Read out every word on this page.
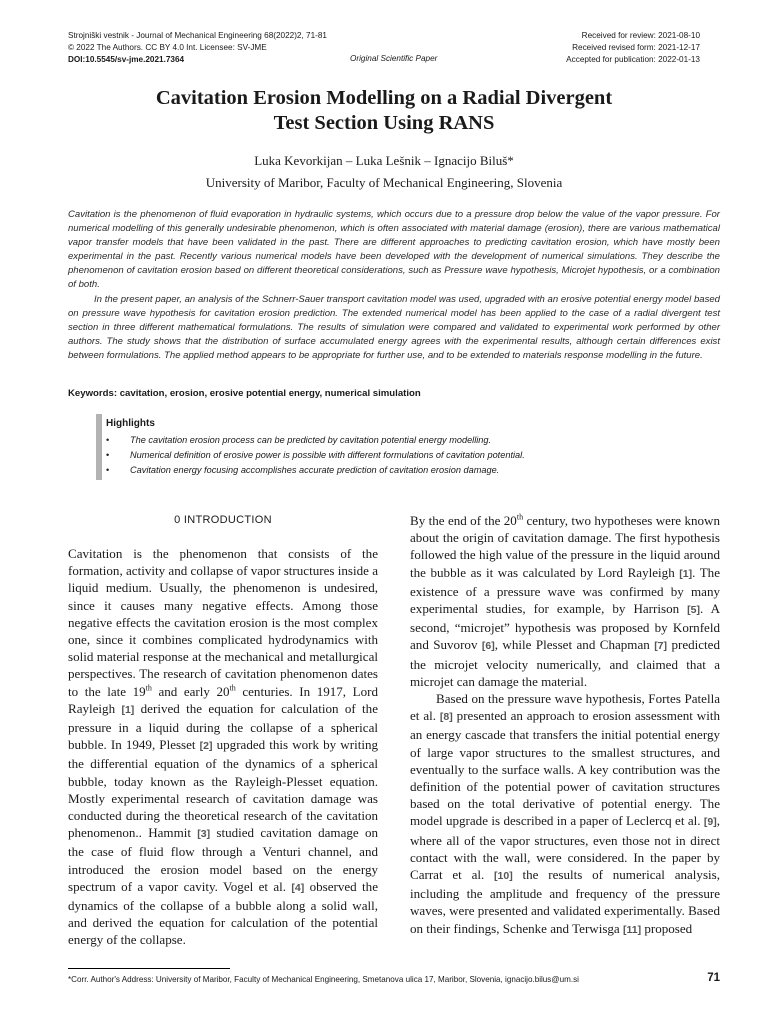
Strojniški vestnik - Journal of Mechanical Engineering 68(2022)2, 71-81
© 2022 The Authors. CC BY 4.0 Int. Licensee: SV-JME
DOI:10.5545/sv-jme.2021.7364	Original Scientific Paper
Received for review: 2021-08-10
Received revised form: 2021-12-17
Accepted for publication: 2022-01-13
Cavitation Erosion Modelling on a Radial Divergent
Test Section Using RANS
Luka Kevorkijan – Luka Lešnik – Ignacijo Biluš*
University of Maribor, Faculty of Mechanical Engineering, Slovenia

Cavitation is the phenomenon of fluid evaporation in hydraulic systems, which occurs due to a pressure drop below the value of the vapor pressure. For numerical modelling of this generally undesirable phenomenon, which is often associated with material damage (erosion), there are various mathematical vapor transfer models that have been validated in the past. There are different approaches to predicting cavitation erosion, which have mostly been experimental in the past. Recently various numerical models have been developed with the development of numerical simulations. They describe the phenomenon of cavitation erosion based on different theoretical considerations, such as Pressure wave hypothesis, Microjet hypothesis, or a combination of both.

In the present paper, an analysis of the Schnerr-Sauer transport cavitation model was used, upgraded with an erosive potential energy model based on pressure wave hypothesis for cavitation erosion prediction. The extended numerical model has been applied to the case of a radial divergent test section in three different mathematical formulations. The results of simulation were compared and validated to experimental work performed by other authors. The study shows that the distribution of surface accumulated energy agrees with the experimental results, although certain differences exist between formulations. The applied method appears to be appropriate for further use, and to be extended to materials response modelling in the future.

Keywords: cavitation, erosion, erosive potential energy, numerical simulation
Highlights
• The cavitation erosion process can be predicted by cavitation potential energy modelling.
• Numerical definition of erosive power is possible with different formulations of cavitation potential.
• Cavitation energy focusing accomplishes accurate prediction of cavitation erosion damage.
0 INTRODUCTION

Cavitation is the phenomenon that consists of the formation, activity and collapse of vapor structures inside a liquid medium. Usually, the phenomenon is undesired, since it causes many negative effects. Among those negative effects the cavitation erosion is the most complex one, since it combines complicated hydrodynamics with solid material response at the mechanical and metallurgical perspectives. The research of cavitation phenomenon dates to the late 19th and early 20th centuries. In 1917, Lord Rayleigh [1] derived the equation for calculation of the pressure in a liquid during the collapse of a spherical bubble. In 1949, Plesset [2] upgraded this work by writing the differential equation of the dynamics of a spherical bubble, today known as the Rayleigh-Plesset equation. Mostly experimental research of cavitation damage was conducted during the theoretical research of the cavitation phenomenon.. Hammit [3] studied cavitation damage on the case of fluid flow through a Venturi channel, and introduced the erosion model based on the energy spectrum of a vapor cavity. Vogel et al. [4] observed the dynamics of the collapse of a bubble along a solid wall, and derived the equation for calculation of the potential energy of the collapse.

By the end of the 20th century, two hypotheses were known about the origin of cavitation damage. The first hypothesis followed the high value of the pressure in the liquid around the bubble as it was calculated by Lord Rayleigh [1]. The existence of a pressure wave was confirmed by many experimental studies, for example, by Harrison [5]. A second, “microjet” hypothesis was proposed by Kornfeld and Suvorov [6], while Plesset and Chapman [7] predicted the microjet velocity numerically, and claimed that a microjet can damage the material.

Based on the pressure wave hypothesis, Fortes Patella et al. [8] presented an approach to erosion assessment with an energy cascade that transfers the initial potential energy of large vapor structures to the smallest structures, and eventually to the surface walls. A key contribution was the definition of the potential power of cavitation structures based on the total derivative of potential energy. The model upgrade is described in a paper of Leclercq et al. [9], where all of the vapor structures, even those not in direct contact with the wall, were considered. In the paper by Carrat et al. [10] the results of numerical analysis, including the amplitude and frequency of the pressure waves, were presented and validated experimentally. Based on their findings, Schenke and Terwisga [11] proposed

*Corr. Author's Address: University of Maribor, Faculty of Mechanical Engineering, Smetanova ulica 17, Maribor, Slovenia, ignacijo.bilus@um.si	71
